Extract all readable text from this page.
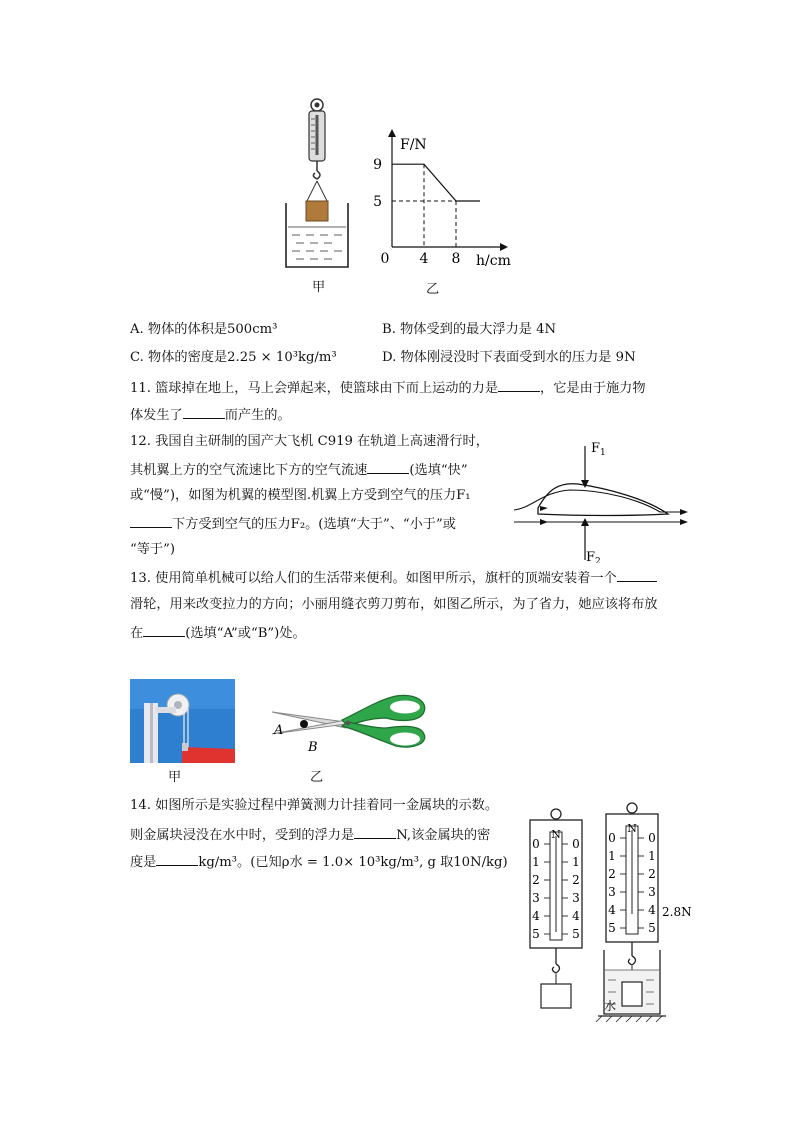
甲	乙
F/N
h/cm
0 4 8
9
5
A. 物体的体积是500cm³	B. 物体受到的最大浮力是 4N
C. 物体的密度是2.25 × 10³kg/m³	D. 物体刚浸没时下表面受到水的压力是 9N
11. 篮球掉在地上，马上会弹起来，使篮球由下而上运动的力是	，它是由于施力物
体发生了	而产生的。
12. 我国自主研制的国产大飞机 C919 在轨道上高速滑行时，
其机翼上方的空气流速比下方的空气流速	(选填“快”
或“慢”)，如图为机翼的模型图.机翼上方受到空气的压力F₁
下方受到空气的压力F₂。(选填“大于”、“小于”或
“等于”)
$F_1$
$F_2$
13. 使用简单机械可以给人们的生活带来便利。如图甲所示，旗杆的顶端安装着一个
滑轮，用来改变拉力的方向；小丽用缝衣剪刀剪布，如图乙所示，为了省力，她应该将布放
在	(选填“A”或“B”)处。
甲
A
B
乙
14. 如图所示是实验过程中弹簧测力计挂着同一金属块的示数。
则金属块浸没在水中时，受到的浮力是	N,该金属块的密
度是	kg/m³。(已知ρ水 = 1.0× 10³kg/m³, g 取10N/kg)
N
0	0
1	1
2	2
3	3
4	4
5	5
N
0	0
1	1
2	2
3	3
4	4
5	5
2.8N
水
